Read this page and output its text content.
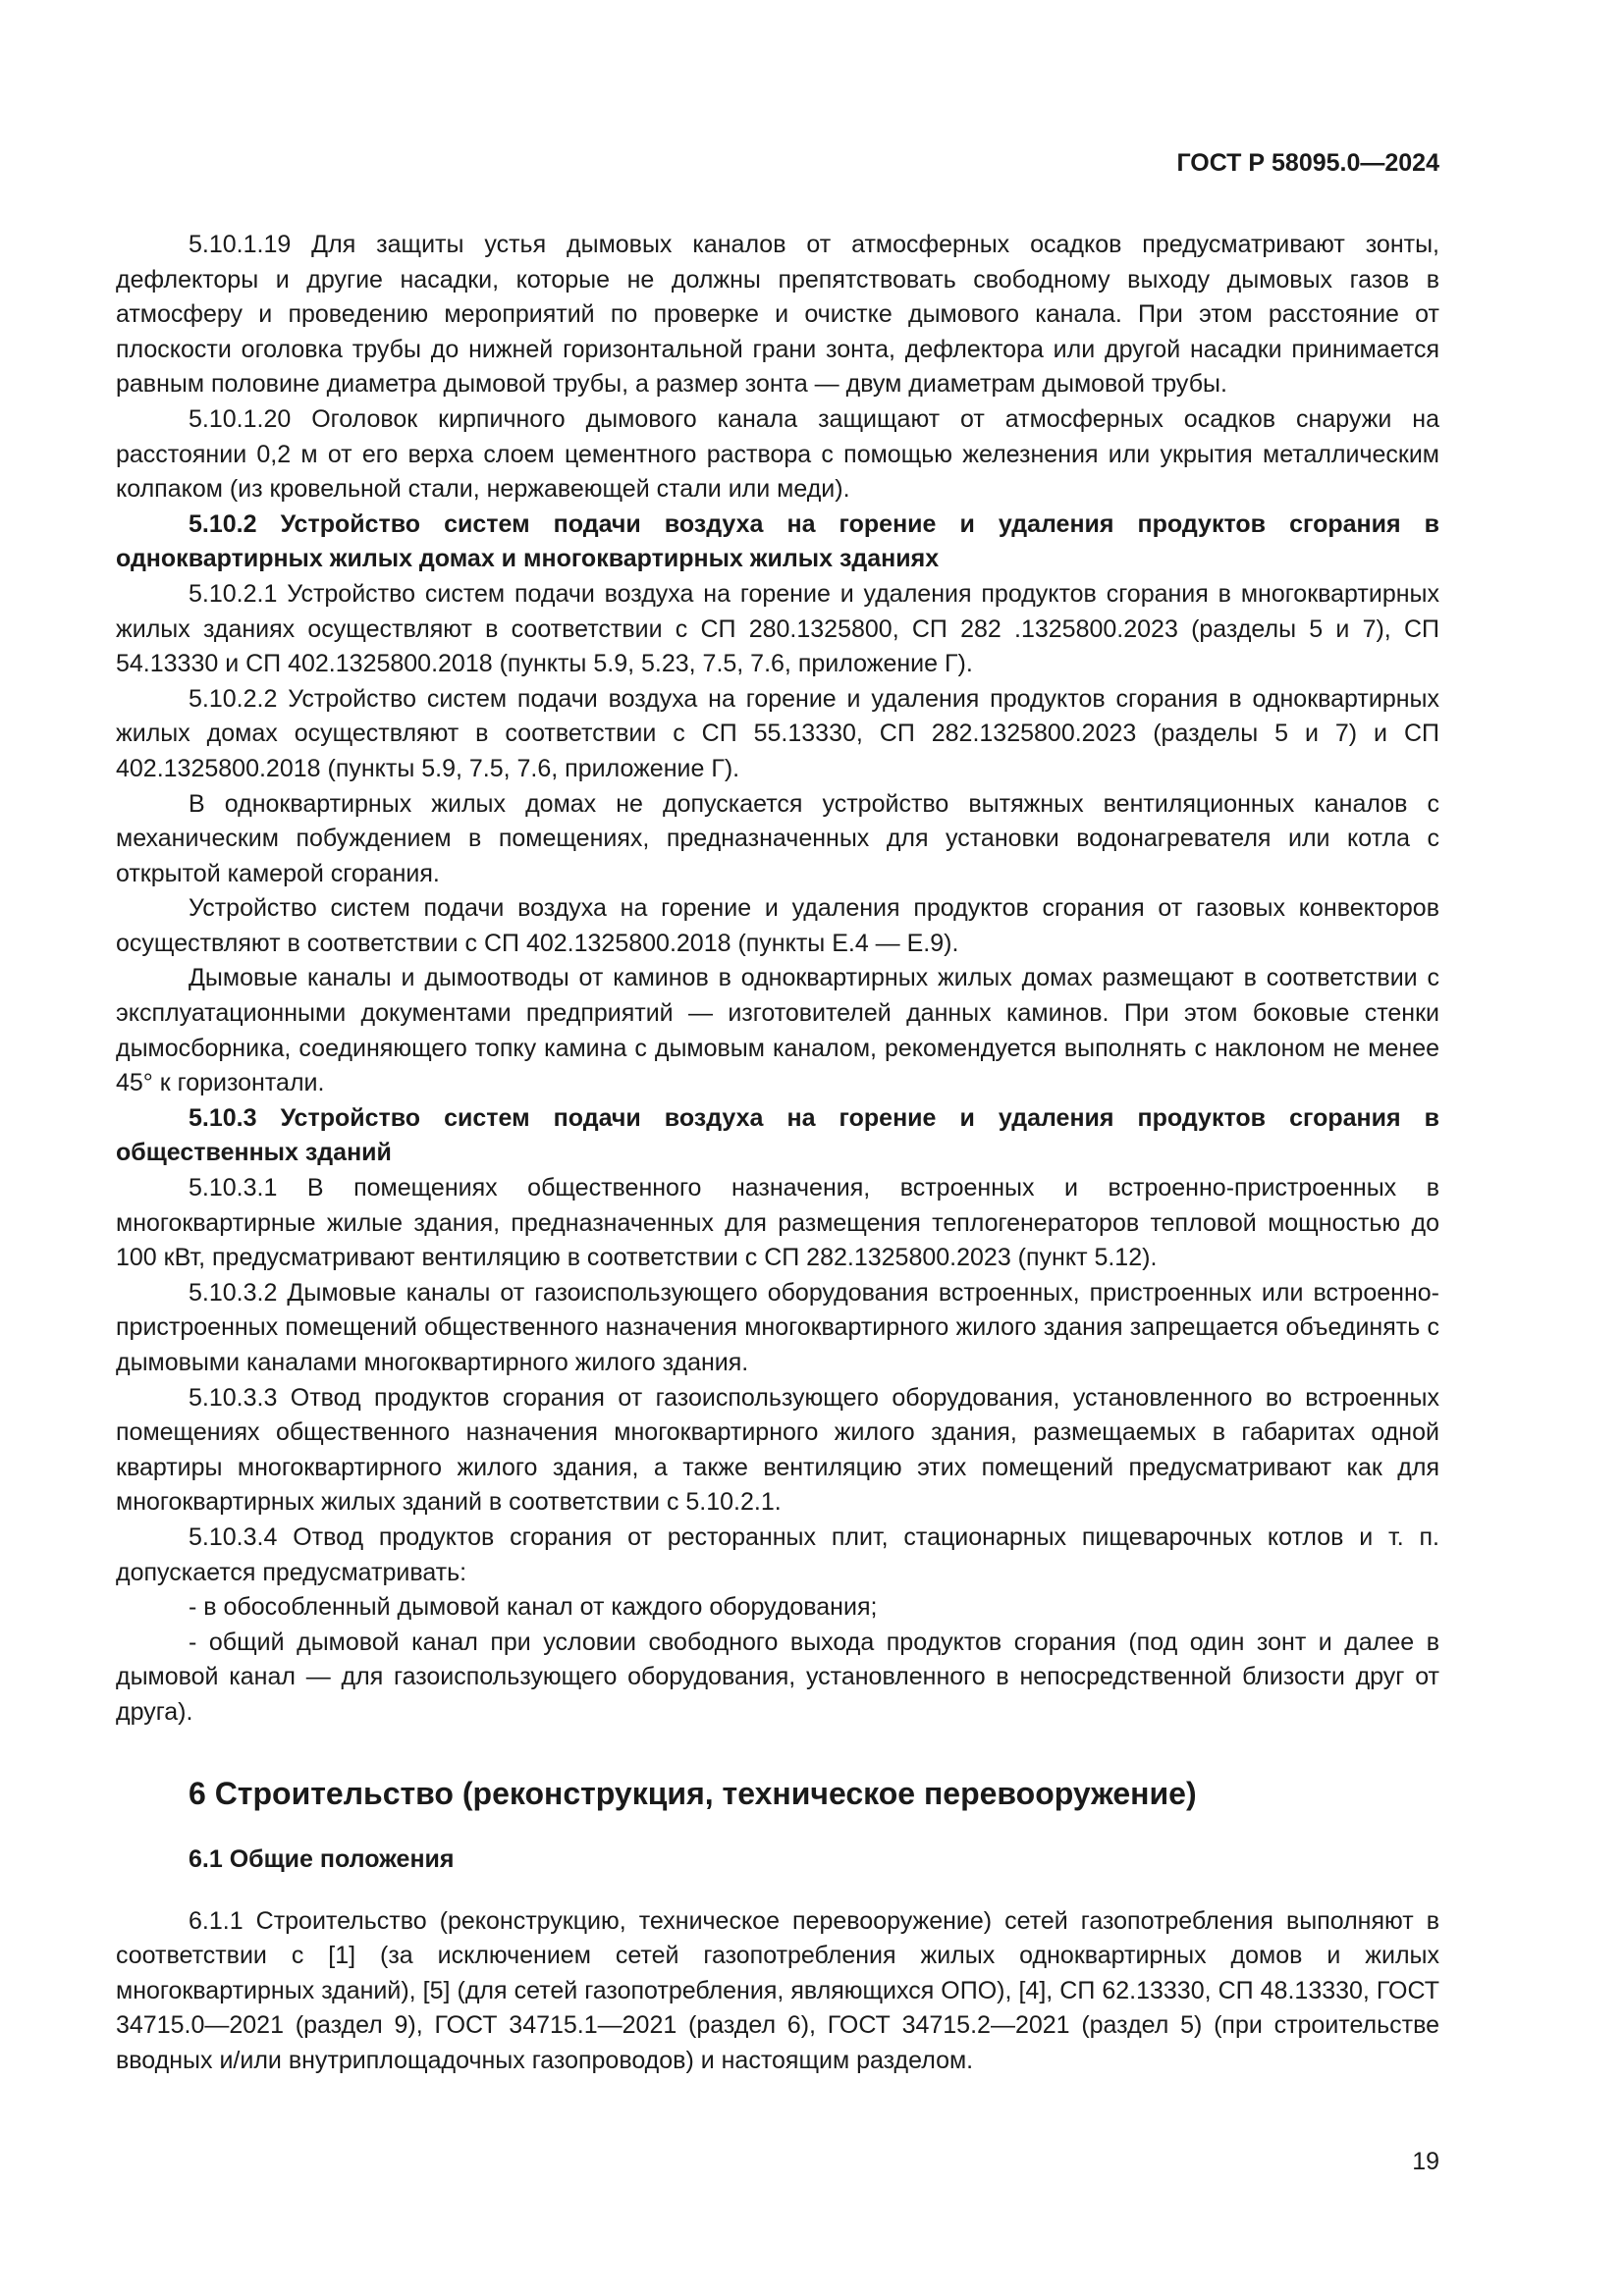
ГОСТ Р 58095.0—2024

5.10.1.19 Для защиты устья дымовых каналов от атмосферных осадков предусматривают зонты, дефлекторы и другие насадки, которые не должны препятствовать свободному выходу дымовых газов в атмосферу и проведению мероприятий по проверке и очистке дымового канала. При этом расстояние от плоскости оголовка трубы до нижней горизонтальной грани зонта, дефлектора или другой насадки принимается равным половине диаметра дымовой трубы, а размер зонта — двум диаметрам дымовой трубы.

5.10.1.20 Оголовок кирпичного дымового канала защищают от атмосферных осадков снаружи на расстоянии 0,2 м от его верха слоем цементного раствора с помощью железнения или укрытия металлическим колпаком (из кровельной стали, нержавеющей стали или меди).

5.10.2 Устройство систем подачи воздуха на горение и удаления продуктов сгорания в одноквартирных жилых домах и многоквартирных жилых зданиях

5.10.2.1 Устройство систем подачи воздуха на горение и удаления продуктов сгорания в многоквартирных жилых зданиях осуществляют в соответствии с СП 280.1325800, СП 282 .1325800.2023 (разделы 5 и 7), СП 54.13330 и СП 402.1325800.2018 (пункты 5.9, 5.23, 7.5, 7.6, приложение Г).

5.10.2.2 Устройство систем подачи воздуха на горение и удаления продуктов сгорания в одноквартирных жилых домах осуществляют в соответствии с СП 55.13330, СП 282.1325800.2023 (разделы 5 и 7) и СП 402.1325800.2018 (пункты 5.9, 7.5, 7.6, приложение Г).

В одноквартирных жилых домах не допускается устройство вытяжных вентиляционных каналов с механическим побуждением в помещениях, предназначенных для установки водонагревателя или котла с открытой камерой сгорания.

Устройство систем подачи воздуха на горение и удаления продуктов сгорания от газовых конвекторов осуществляют в соответствии с СП 402.1325800.2018 (пункты Е.4 — Е.9).

Дымовые каналы и дымоотводы от каминов в одноквартирных жилых домах размещают в соответствии с эксплуатационными документами предприятий — изготовителей данных каминов. При этом боковые стенки дымосборника, соединяющего топку камина с дымовым каналом, рекомендуется выполнять с наклоном не менее 45° к горизонтали.

5.10.3 Устройство систем подачи воздуха на горение и удаления продуктов сгорания в общественных зданий

5.10.3.1 В помещениях общественного назначения, встроенных и встроенно-пристроенных в многоквартирные жилые здания, предназначенных для размещения теплогенераторов тепловой мощностью до 100 кВт, предусматривают вентиляцию в соответствии с СП 282.1325800.2023 (пункт 5.12).

5.10.3.2 Дымовые каналы от газоиспользующего оборудования встроенных, пристроенных или встроенно-пристроенных помещений общественного назначения многоквартирного жилого здания запрещается объединять с дымовыми каналами многоквартирного жилого здания.

5.10.3.3 Отвод продуктов сгорания от газоиспользующего оборудования, установленного во встроенных помещениях общественного назначения многоквартирного жилого здания, размещаемых в габаритах одной квартиры многоквартирного жилого здания, а также вентиляцию этих помещений предусматривают как для многоквартирных жилых зданий в соответствии с 5.10.2.1.

5.10.3.4 Отвод продуктов сгорания от ресторанных плит, стационарных пищеварочных котлов и т. п. допускается предусматривать:

- в обособленный дымовой канал от каждого оборудования;

- общий дымовой канал при условии свободного выхода продуктов сгорания (под один зонт и далее в дымовой канал — для газоиспользующего оборудования, установленного в непосредственной близости друг от друга).

6 Строительство (реконструкция, техническое перевооружение)
6.1 Общие положения

6.1.1 Строительство (реконструкцию, техническое перевооружение) сетей газопотребления выполняют в соответствии с [1] (за исключением сетей газопотребления жилых одноквартирных домов и жилых многоквартирных зданий), [5] (для сетей газопотребления, являющихся ОПО), [4], СП 62.13330, СП 48.13330, ГОСТ 34715.0—2021 (раздел 9), ГОСТ 34715.1—2021 (раздел 6), ГОСТ 34715.2—2021 (раздел 5) (при строительстве вводных и/или внутриплощадочных газопроводов) и настоящим разделом.

19
